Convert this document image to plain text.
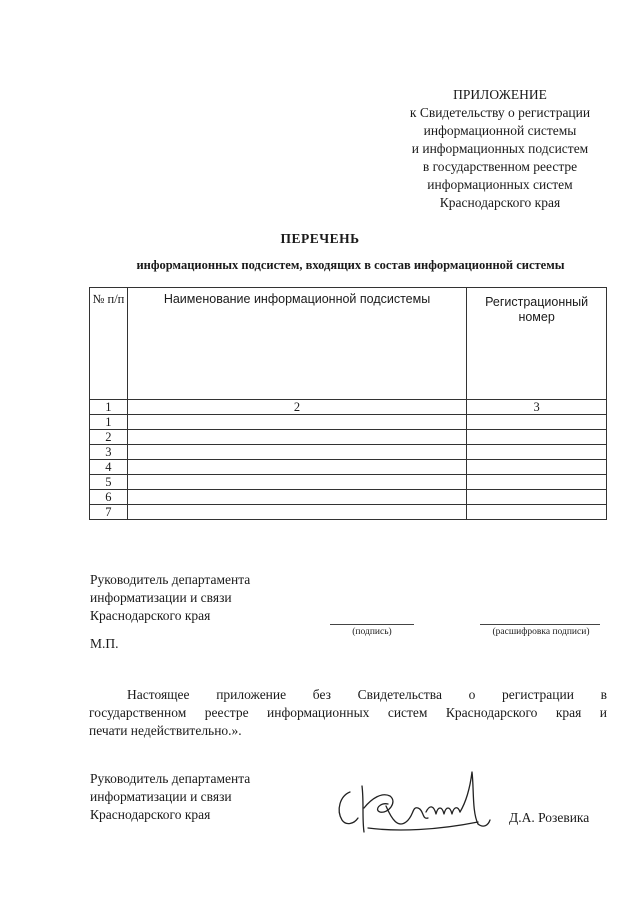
ПРИЛОЖЕНИЕ
к Свидетельству о регистрации
информационной системы
и информационных подсистем
в государственном реестре
информационных систем
Краснодарского края
ПЕРЕЧЕНЬ
информационных подсистем, входящих в состав информационной системы
№ п/п	Наименование информационной подсистемы	Регистрационный номер
1	2	3
1		
2		
3		
4		
5		
6		
7		
Руководитель департамента
информатизации и связи
Краснодарского края
(подпись)	(расшифровка подписи)
М.П.
Настоящее приложение без Свидетельства о регистрации в
государственном реестре информационных систем Краснодарского края и
печати недействительно.».
Руководитель департамента
информатизации и связи
Краснодарского края	Д.А. Розевика
